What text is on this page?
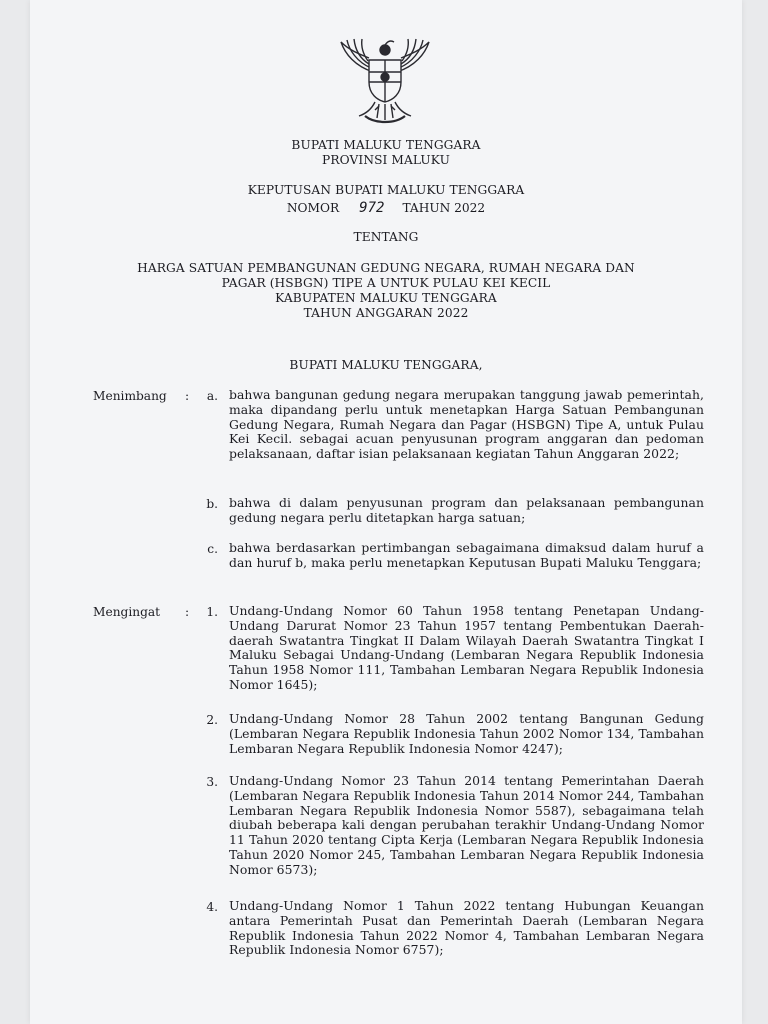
BUPATI MALUKU TENGGARA
PROVINSI MALUKU
KEPUTUSAN BUPATI MALUKU TENGGARA
NOMOR 972 TAHUN 2022
TENTANG
HARGA SATUAN PEMBANGUNAN GEDUNG NEGARA, RUMAH NEGARA DAN
PAGAR (HSBGN) TIPE A UNTUK PULAU KEI KECIL
KABUPATEN MALUKU TENGGARA
TAHUN ANGGARAN 2022
BUPATI MALUKU TENGGARA,
Menimbang :	a. bahwa bangunan gedung negara merupakan tanggung jawab pemerintah, maka dipandang perlu untuk menetapkan Harga Satuan Pembangunan Gedung Negara, Rumah Negara dan Pagar (HSBGN) Tipe A, untuk Pulau Kei Kecil. sebagai acuan penyusunan program anggaran dan pedoman pelaksanaan, daftar isian pelaksanaan kegiatan Tahun Anggaran 2022;
b. bahwa di dalam penyusunan program dan pelaksanaan pembangunan gedung negara perlu ditetapkan harga satuan;
c. bahwa berdasarkan pertimbangan sebagaimana dimaksud dalam huruf a dan huruf b, maka perlu menetapkan Keputusan Bupati Maluku Tenggara;
Mengingat :	1. Undang-Undang Nomor 60 Tahun 1958 tentang Penetapan Undang-Undang Darurat Nomor 23 Tahun 1957 tentang Pembentukan Daerah-daerah Swatantra Tingkat II Dalam Wilayah Daerah Swatantra Tingkat I Maluku Sebagai Undang-Undang (Lembaran Negara Republik Indonesia Tahun 1958 Nomor 111, Tambahan Lembaran Negara Republik Indonesia Nomor 1645);
2. Undang-Undang Nomor 28 Tahun 2002 tentang Bangunan Gedung (Lembaran Negara Republik Indonesia Tahun 2002 Nomor 134, Tambahan Lembaran Negara Republik Indonesia Nomor 4247);
3. Undang-Undang Nomor 23 Tahun 2014 tentang Pemerintahan Daerah (Lembaran Negara Republik Indonesia Tahun 2014 Nomor 244, Tambahan Lembaran Negara Republik Indonesia Nomor 5587), sebagaimana telah diubah beberapa kali dengan perubahan terakhir Undang-Undang Nomor 11 Tahun 2020 tentang Cipta Kerja (Lembaran Negara Republik Indonesia Tahun 2020 Nomor 245, Tambahan Lembaran Negara Republik Indonesia Nomor 6573);
4. Undang-Undang Nomor 1 Tahun 2022 tentang Hubungan Keuangan antara Pemerintah Pusat dan Pemerintah Daerah (Lembaran Negara Republik Indonesia Tahun 2022 Nomor 4, Tambahan Lembaran Negara Republik Indonesia Nomor 6757);
